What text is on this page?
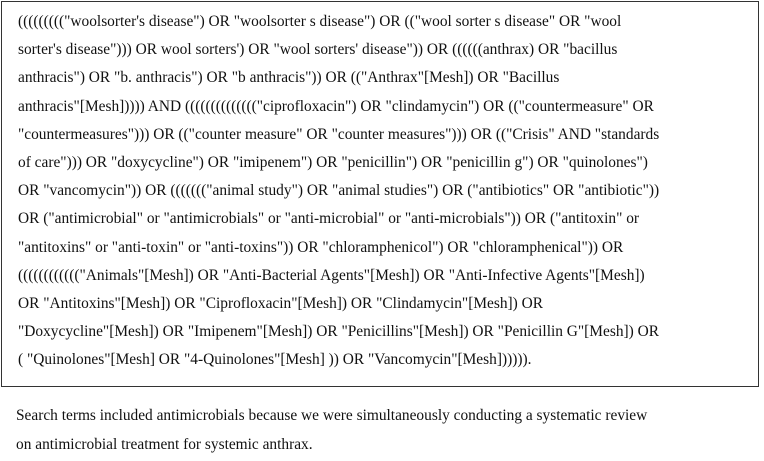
((((((((("woolsorter's disease") OR "woolsorter s disease") OR (("wool sorter s disease" OR "wool
sorter's disease"))) OR wool sorters') OR "wool sorters' disease")) OR ((((((anthrax) OR "bacillus
anthracis") OR "b. anthracis") OR "b anthracis")) OR (("Anthrax"[Mesh]) OR "Bacillus
anthracis"[Mesh])))) AND (((((((((((((("ciprofloxacin") OR "clindamycin") OR (("countermeasure" OR
"countermeasures"))) OR (("counter measure" OR "counter measures"))) OR (("Crisis" AND "standards
of care"))) OR "doxycycline") OR "imipenem") OR "penicillin") OR "penicillin g") OR "quinolones")
OR "vancomycin")) OR ((((((("animal study") OR "animal studies") OR ("antibiotics" OR "antibiotic"))
OR ("antimicrobial" or "antimicrobials" or "anti-microbial" or "anti-microbials")) OR ("antitoxin" or
"antitoxins" or "anti-toxin" or "anti-toxins")) OR "chloramphenicol") OR "chloramphenical")) OR
(((((((((((("Animals"[Mesh]) OR "Anti-Bacterial Agents"[Mesh]) OR "Anti-Infective Agents"[Mesh])
OR "Antitoxins"[Mesh]) OR "Ciprofloxacin"[Mesh]) OR "Clindamycin"[Mesh]) OR
"Doxycycline"[Mesh]) OR "Imipenem"[Mesh]) OR "Penicillins"[Mesh]) OR "Penicillin G"[Mesh]) OR
( "Quinolones"[Mesh] OR "4-Quinolones"[Mesh] )) OR "Vancomycin"[Mesh]))))).
Search terms included antimicrobials because we were simultaneously conducting a systematic review
on antimicrobial treatment for systemic anthrax.
